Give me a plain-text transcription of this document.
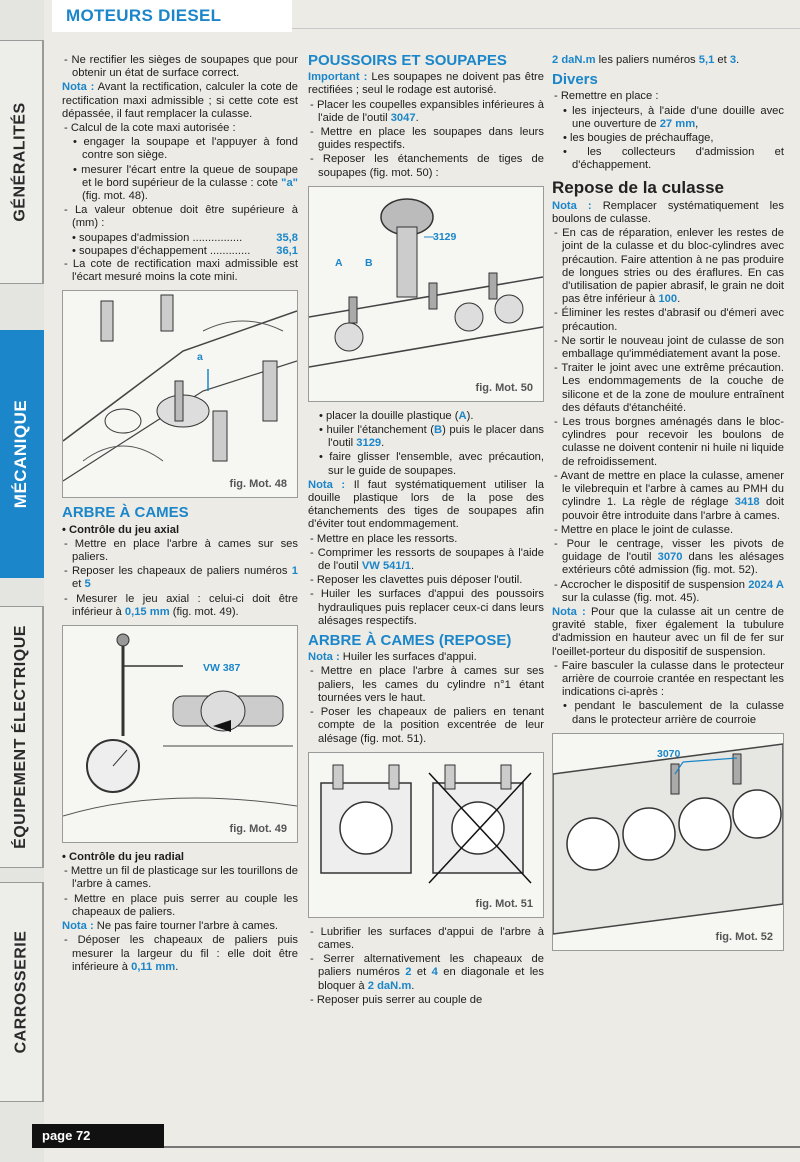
MOTEURS DIESEL
GÉNÉRALITÉS
MÉCANIQUE
ÉQUIPEMENT ÉLECTRIQUE
CARROSSERIE

- Ne rectifier les sièges de soupapes que pour obtenir un état de surface correct.

Nota : Avant la rectification, calculer la cote de rectification maxi admissible ; si cette cote est dépassée, il faut remplacer la culasse.

- Calcul de la cote maxi autorisée :

• engager la soupape et l'appuyer à fond contre son siège.

• mesurer l'écart entre la queue de soupape et le bord supérieur de la culasse : cote "a" (fig. mot. 48).

- La valeur obtenue doit être supérieure à (mm) :

• soupapes d'admission ................	35,8
• soupapes d'échappement ............. 36,1

- La cote de rectification maxi admissible est l'écart mesuré moins la cote mini.

a
fig. Mot. 48

ARBRE À CAMES

• Contrôle du jeu axial

- Mettre en place l'arbre à cames sur ses paliers.

- Reposer les chapeaux de paliers numéros 1 et 5

- Mesurer le jeu axial : celui-ci doit être inférieur à 0,15 mm (fig. mot. 49).

VW 387
fig. Mot. 49

• Contrôle du jeu radial

- Mettre un fil de plasticage sur les tourillons de l'arbre à cames.

- Mettre en place puis serrer au couple les chapeaux de paliers.

Nota : Ne pas faire tourner l'arbre à cames.

- Déposer les chapeaux de paliers puis mesurer la largeur du fil : elle doit être inférieure à 0,11 mm.

POUSSOIRS ET SOUPAPES

Important : Les soupapes ne doivent pas être rectifiées ; seul le rodage est autorisé.

- Placer les coupelles expansibles inférieures à l'aide de l'outil 3047.

- Mettre en place les soupapes dans leurs guides respectifs.

- Reposer les étanchements de tiges de soupapes (fig. mot. 50) :

3129
A B
fig. Mot. 50

• placer la douille plastique (A).

• huiler l'étanchement (B) puis le placer dans l'outil 3129.

• faire glisser l'ensemble, avec précaution, sur le guide de soupapes.

Nota : Il faut systématiquement utiliser la douille plastique lors de la pose des étanchements des tiges de soupapes afin d'éviter tout endommagement.

- Mettre en place les ressorts.

- Comprimer les ressorts de soupapes à l'aide de l'outil VW 541/1.

- Reposer les clavettes puis déposer l'outil.

- Huiler les surfaces d'appui des poussoirs hydrauliques puis replacer ceux-ci dans leurs alésages respectifs.

ARBRE À CAMES (REPOSE)

Nota : Huiler les surfaces d'appui.

- Mettre en place l'arbre à cames sur ses paliers, les cames du cylindre n°1 étant tournées vers le haut.

- Poser les chapeaux de paliers en tenant compte de la position excentrée de leur alésage (fig. mot. 51).

fig. Mot. 51

- Lubrifier les surfaces d'appui de l'arbre à cames.

- Serrer alternativement les chapeaux de paliers numéros 2 et 4 en diagonale et les bloquer à 2 daN.m.

- Reposer puis serrer au couple de

2 daN.m les paliers numéros 5,1 et 3.

Divers

- Remettre en place :

• les injecteurs, à l'aide d'une douille avec une ouverture de 27 mm,

• les bougies de préchauffage,

• les collecteurs d'admission et d'échappement.

Repose de la culasse

Nota : Remplacer systématiquement les boulons de culasse.

- En cas de réparation, enlever les restes de joint de la culasse et du bloc-cylindres avec précaution. Faire attention à ne pas produire de longues stries ou des éraflures. En cas d'utilisation de papier abrasif, le grain ne doit pas être inférieur à 100.

- Éliminer les restes d'abrasif ou d'émeri avec précaution.

- Ne sortir le nouveau joint de culasse de son emballage qu'immédiatement avant la pose.

- Traiter le joint avec une extrême précaution. Les endommagements de la couche de silicone et de la zone de moulure entraînent des défauts d'étanchéité.

- Les trous borgnes aménagés dans le bloc-cylindres pour recevoir les boulons de culasse ne doivent contenir ni huile ni liquide de refroidissement.

- Avant de mettre en place la culasse, amener le vilebrequin et l'arbre à cames au PMH du cylindre 1. La règle de réglage 3418 doit pouvoir être introduite dans l'arbre à cames.

- Mettre en place le joint de culasse.

- Pour le centrage, visser les pivots de guidage de l'outil 3070 dans les alésages extérieurs côté admission (fig. mot. 52).

- Accrocher le dispositif de suspension 2024 A sur la culasse (fig. mot. 45).

Nota : Pour que la culasse ait un centre de gravité stable, fixer également la tubulure d'admission en hauteur avec un fil de fer sur l'oeillet-porteur du dispositif de suspension.

- Faire basculer la culasse dans le protecteur arrière de courroie crantée en respectant les indications ci-après :

• pendant le basculement de la culasse dans le protecteur arrière de courroie

3070
fig. Mot. 52
page 72
